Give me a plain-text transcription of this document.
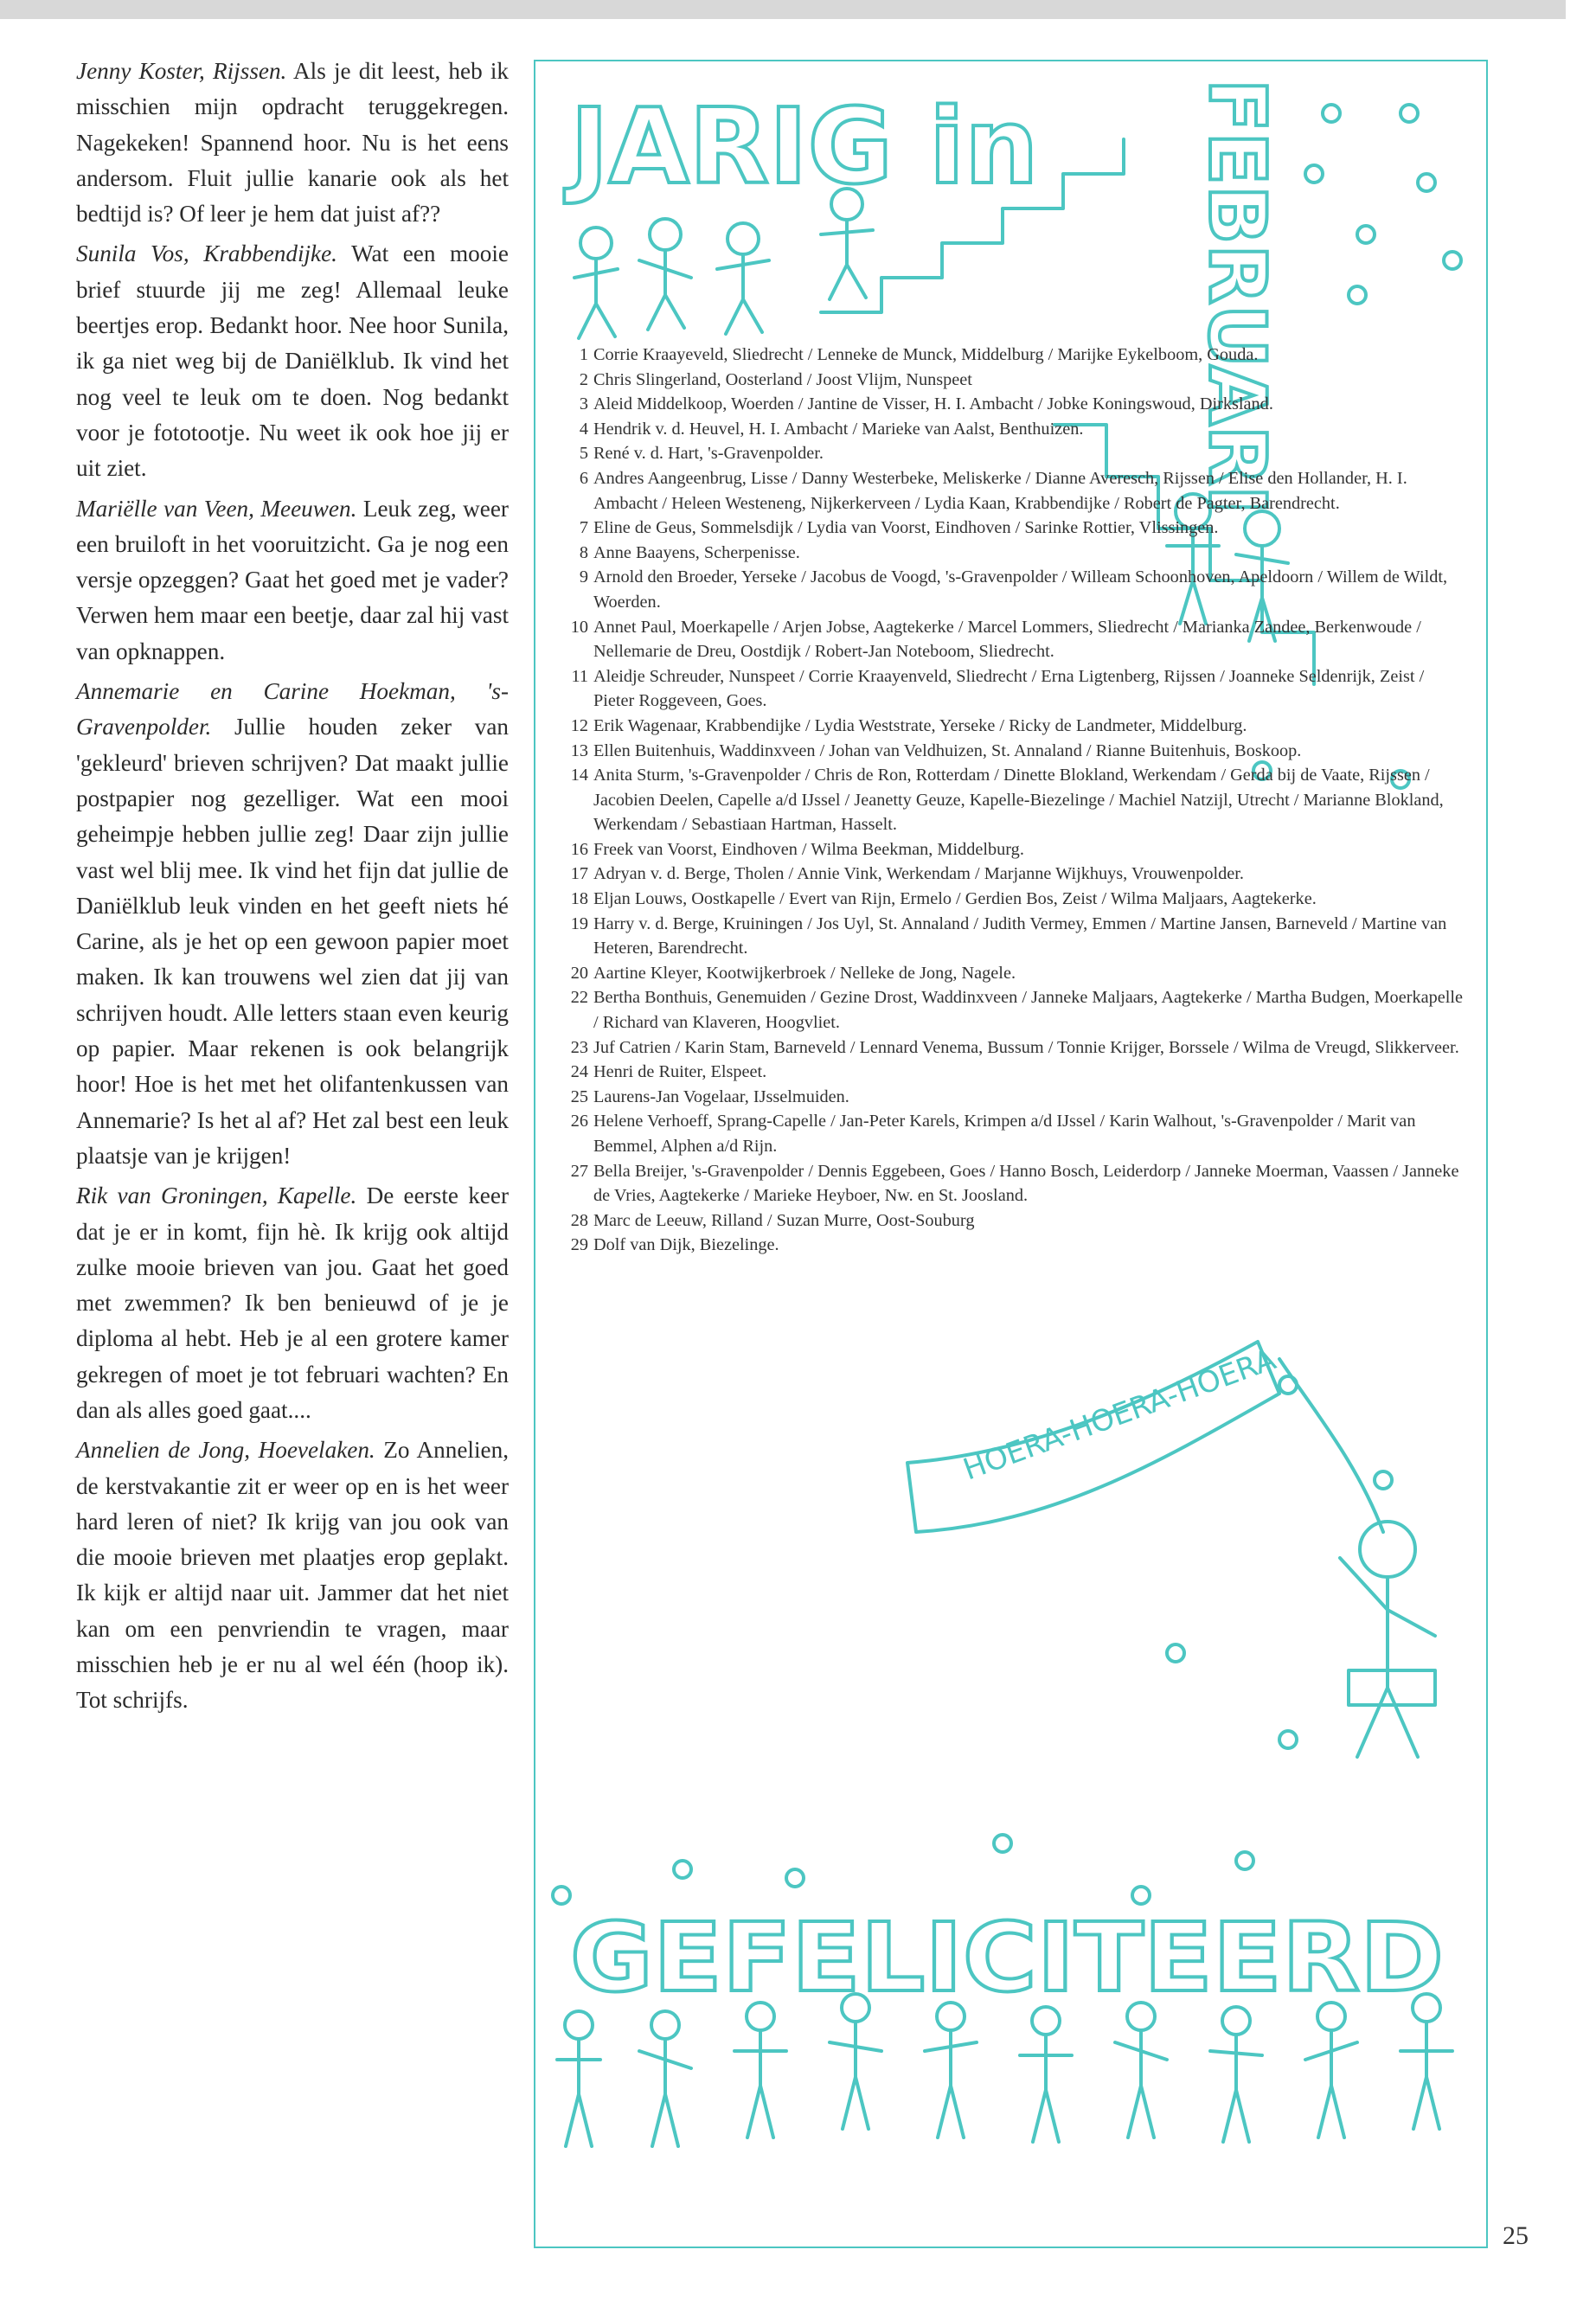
Jenny Koster, Rijssen. Als je dit leest, heb ik misschien mijn opdracht teruggekregen. Nagekeken! Spannend hoor. Nu is het eens andersom. Fluit jullie kanarie ook als het bedtijd is? Of leer je hem dat juist af??

Sunila Vos, Krabbendijke. Wat een mooie brief stuurde jij me zeg! Allemaal leuke beertjes erop. Bedankt hoor. Nee hoor Sunila, ik ga niet weg bij de Daniëlklub. Ik vind het nog veel te leuk om te doen. Nog bedankt voor je fototootje. Nu weet ik ook hoe jij er uit ziet.

Mariëlle van Veen, Meeuwen. Leuk zeg, weer een bruiloft in het vooruitzicht. Ga je nog een versje opzeggen? Gaat het goed met je vader? Verwen hem maar een beetje, daar zal hij vast van opknappen.

Annemarie en Carine Hoekman, 's-Gravenpolder. Jullie houden zeker van 'gekleurd' brieven schrijven? Dat maakt jullie postpapier nog gezelliger. Wat een mooi geheimpje hebben jullie zeg! Daar zijn jullie vast wel blij mee. Ik vind het fijn dat jullie de Daniëlklub leuk vinden en het geeft niets hé Carine, als je het op een gewoon papier moet maken. Ik kan trouwens wel zien dat jij van schrijven houdt. Alle letters staan even keurig op papier. Maar rekenen is ook belangrijk hoor! Hoe is het met het olifantenkussen van Annemarie? Is het al af? Het zal best een leuk plaatsje van je krijgen!

Rik van Groningen, Kapelle. De eerste keer dat je er in komt, fijn hè. Ik krijg ook altijd zulke mooie brieven van jou. Gaat het goed met zwemmen? Ik ben benieuwd of je je diploma al hebt. Heb je al een grotere kamer gekregen of moet je tot februari wachten? En dan als alles goed gaat....

Annelien de Jong, Hoevelaken. Zo Annelien, de kerstvakantie zit er weer op en is het weer hard leren of niet? Ik krijg van jou ook van die mooie brieven met plaatjes erop geplakt. Ik kijk er altijd naar uit. Jammer dat het niet kan om een penvriendin te vragen, maar misschien heb je er nu al wel één (hoop ik). Tot schrijfs.

JARIG in FEBRUARI
GEFELICITEERD
HOERA-HOERA-HOERA
1 Corrie Kraayeveld, Sliedrecht / Lenneke de Munck, Middelburg / Marijke Eykelboom, Gouda.
2 Chris Slingerland, Oosterland / Joost Vlijm, Nunspeet
3 Aleid Middelkoop, Woerden / Jantine de Visser, H. I. Ambacht / Jobke Koningswoud, Dirksland.
4 Hendrik v. d. Heuvel, H. I. Ambacht / Marieke van Aalst, Benthuizen.
5 René v. d. Hart, 's-Gravenpolder.
6 Andres Aangeenbrug, Lisse / Danny Westerbeke, Meliskerke / Dianne Averesch, Rijssen / Elise den Hollander, H. I. Ambacht / Heleen Westeneng, Nijkerkerveen / Lydia Kaan, Krabbendijke / Robert de Pagter, Barendrecht.
7 Eline de Geus, Sommelsdijk / Lydia van Voorst, Eindhoven / Sarinke Rottier, Vlissingen.
8 Anne Baayens, Scherpenisse.
9 Arnold den Broeder, Yerseke / Jacobus de Voogd, 's-Gravenpolder / Willeam Schoonhoven, Apeldoorn / Willem de Wildt, Woerden.
10 Annet Paul, Moerkapelle / Arjen Jobse, Aagtekerke / Marcel Lommers, Sliedrecht / Marianka Zandee, Berkenwoude / Nellemarie de Dreu, Oostdijk / Robert-Jan Noteboom, Sliedrecht.
11 Aleidje Schreuder, Nunspeet / Corrie Kraayenveld, Sliedrecht / Erna Ligtenberg, Rijssen / Joanneke Seldenrijk, Zeist / Pieter Roggeveen, Goes.
12 Erik Wagenaar, Krabbendijke / Lydia Weststrate, Yerseke / Ricky de Landmeter, Middelburg.
13 Ellen Buitenhuis, Waddinxveen / Johan van Veldhuizen, St. Annaland / Rianne Buitenhuis, Boskoop.
14 Anita Sturm, 's-Gravenpolder / Chris de Ron, Rotterdam / Dinette Blokland, Werkendam / Gerda bij de Vaate, Rijssen / Jacobien Deelen, Capelle a/d IJssel / Jeanetty Geuze, Kapelle-Biezelinge / Machiel Natzijl, Utrecht / Marianne Blokland, Werkendam / Sebastiaan Hartman, Hasselt.
16 Freek van Voorst, Eindhoven / Wilma Beekman, Middelburg.
17 Adryan v. d. Berge, Tholen / Annie Vink, Werkendam / Marjanne Wijkhuys, Vrouwenpolder.
18 Eljan Louws, Oostkapelle / Evert van Rijn, Ermelo / Gerdien Bos, Zeist / Wilma Maljaars, Aagtekerke.
19 Harry v. d. Berge, Kruiningen / Jos Uyl, St. Annaland / Judith Vermey, Emmen / Martine Jansen, Barneveld / Martine van Heteren, Barendrecht.
20 Aartine Kleyer, Kootwijkerbroek / Nelleke de Jong, Nagele.
22 Bertha Bonthuis, Genemuiden / Gezine Drost, Waddinxveen / Janneke Maljaars, Aagtekerke / Martha Budgen, Moerkapelle / Richard van Klaveren, Hoogvliet.
23 Juf Catrien / Karin Stam, Barneveld / Lennard Venema, Bussum / Tonnie Krijger, Borssele / Wilma de Vreugd, Slikkerveer.
24 Henri de Ruiter, Elspeet.
25 Laurens-Jan Vogelaar, IJsselmuiden.
26 Helene Verhoeff, Sprang-Capelle / Jan-Peter Karels, Krimpen a/d IJssel / Karin Walhout, 's-Gravenpolder / Marit van Bemmel, Alphen a/d Rijn.
27 Bella Breijer, 's-Gravenpolder / Dennis Eggebeen, Goes / Hanno Bosch, Leiderdorp / Janneke Moerman, Vaassen / Janneke de Vries, Aagtekerke / Marieke Heyboer, Nw. en St. Joosland.
28 Marc de Leeuw, Rilland / Suzan Murre, Oost-Souburg
29 Dolf van Dijk, Biezelinge.
25
